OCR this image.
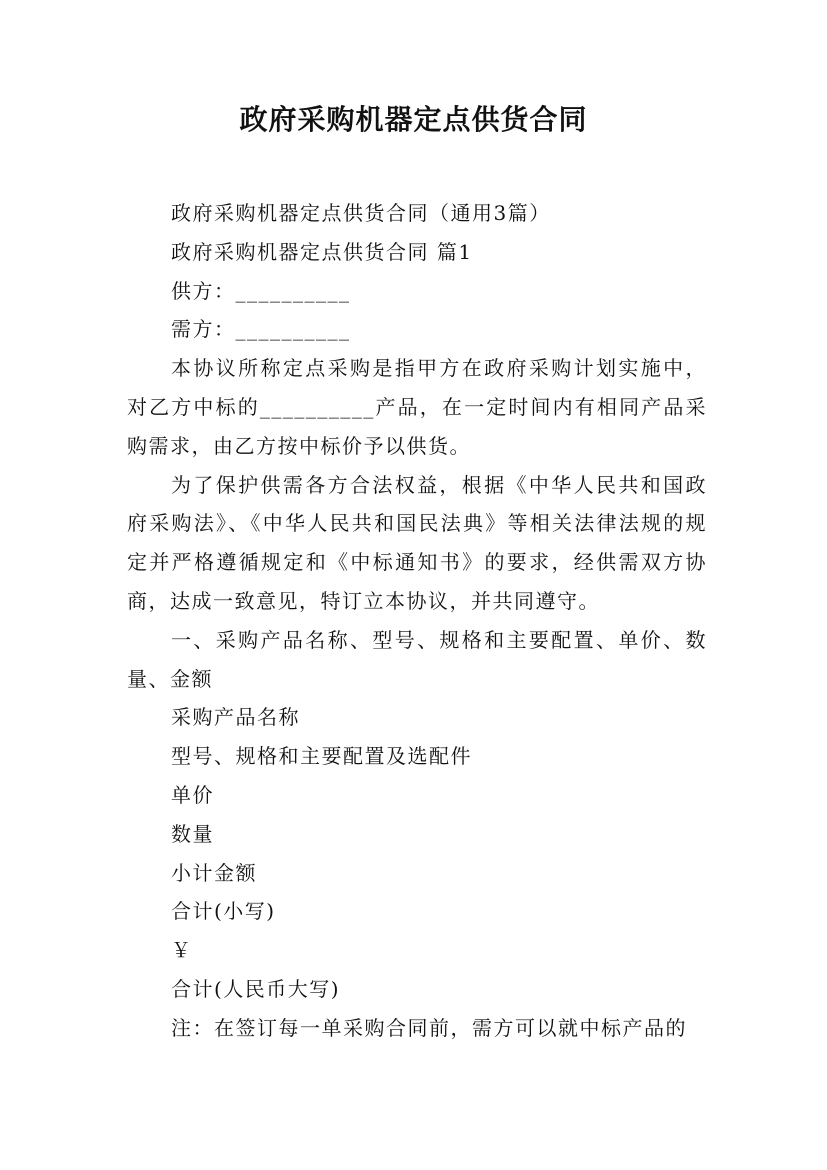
政府采购机器定点供货合同

政府采购机器定点供货合同（通用3篇）

政府采购机器定点供货合同 篇1

供方：__________

需方：__________

本协议所称定点采购是指甲方在政府采购计划实施中，对乙方中标的__________产品，在一定时间内有相同产品采购需求，由乙方按中标价予以供货。

为了保护供需各方合法权益，根据《中华人民共和国政府采购法》、《中华人民共和国民法典》等相关法律法规的规定并严格遵循规定和《中标通知书》的要求，经供需双方协商，达成一致意见，特订立本协议，并共同遵守。

一、采购产品名称、型号、规格和主要配置、单价、数量、金额

采购产品名称

型号、规格和主要配置及选配件

单价

数量

小计金额

合计(小写)

￥

合计(人民币大写)

注：在签订每一单采购合同前，需方可以就中标产品的
